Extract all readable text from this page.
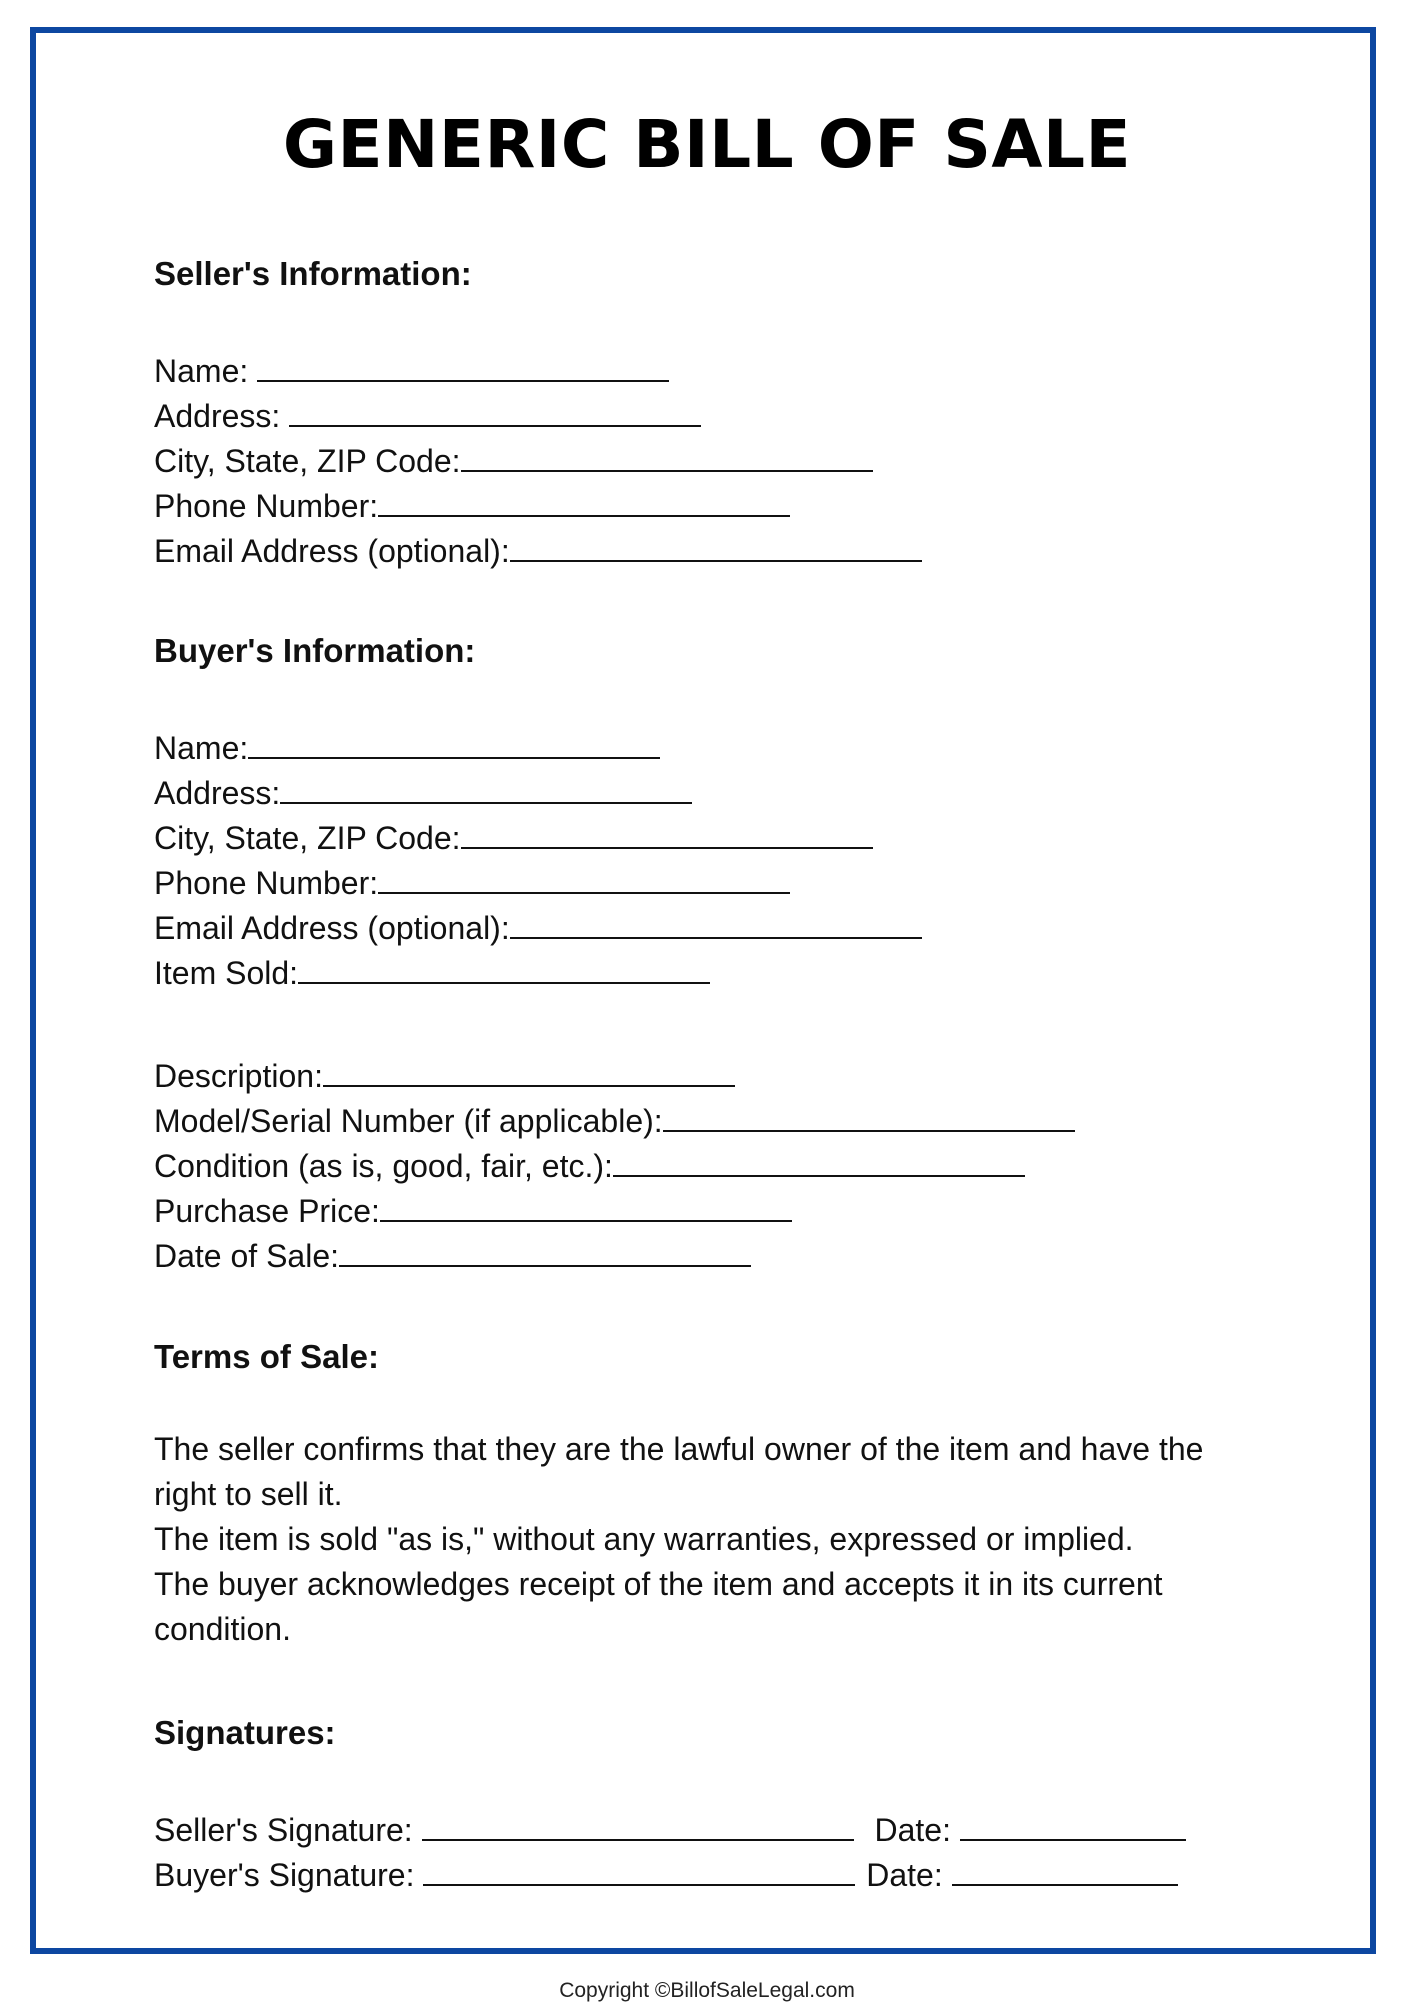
GENERIC BILL OF SALE
Seller's Information:
Name:
Address:
City, State, ZIP Code:
Phone Number:
Email Address (optional):
Buyer's Information:
Name:
Address:
City, State, ZIP Code:
Phone Number:
Email Address (optional):
Item Sold:
Description:
Model/Serial Number (if applicable):
Condition (as is, good, fair, etc.):
Purchase Price:
Date of Sale:
Terms of Sale:

The seller confirms that they are the lawful owner of the item and have the right to sell it.

The item is sold "as is," without any warranties, expressed or implied.

The buyer acknowledges receipt of the item and accepts it in its current condition.

Signatures:
Seller's Signature:	Date:
Buyer's Signature:	Date:
Copyright ©BillofSaleLegal.com
